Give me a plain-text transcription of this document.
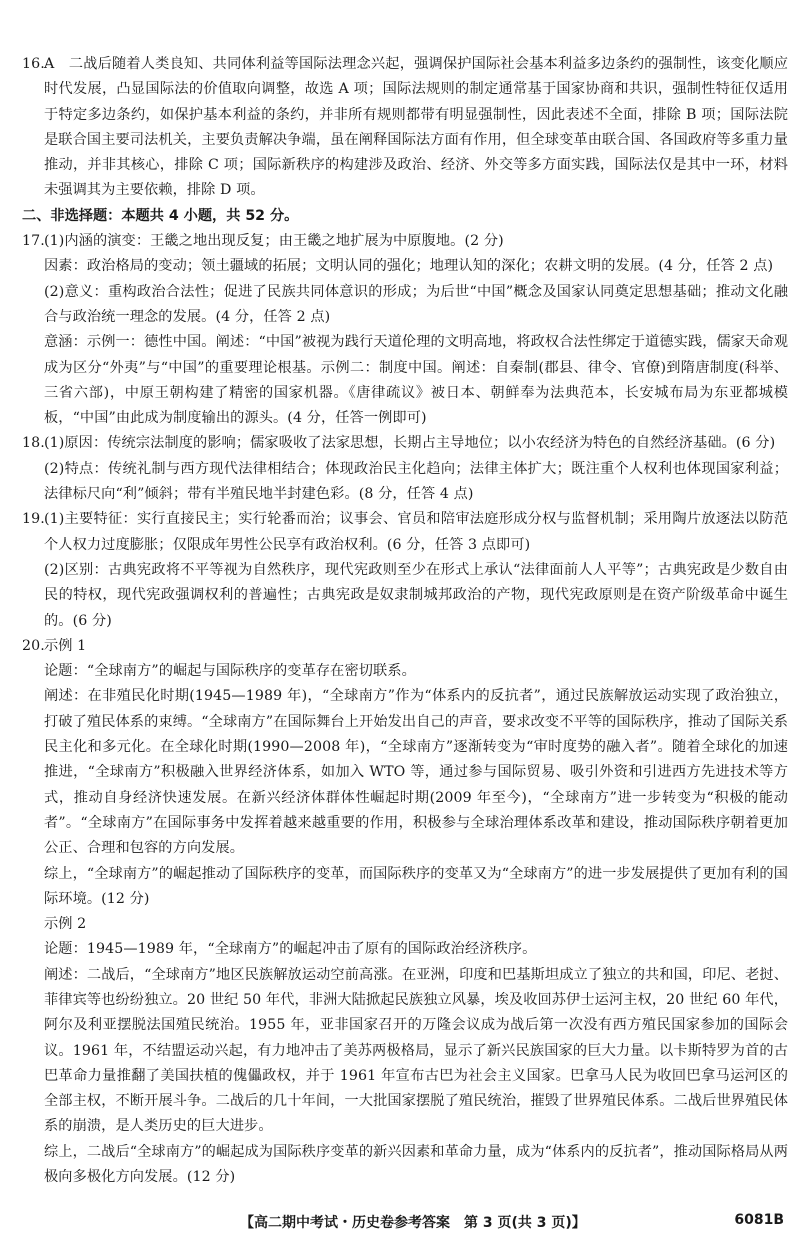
16.A　二战后随着人类良知、共同体利益等国际法理念兴起，强调保护国际社会基本利益多边条约的强制性，该变化顺应时代发展，凸显国际法的价值取向调整，故选 A 项；国际法规则的制定通常基于国家协商和共识，强制性特征仅适用于特定多边条约，如保护基本利益的条约，并非所有规则都带有明显强制性，因此表述不全面，排除 B 项；国际法院是联合国主要司法机关，主要负责解决争端，虽在阐释国际法方面有作用，但全球变革由联合国、各国政府等多重力量推动，并非其核心，排除 C 项；国际新秩序的构建涉及政治、经济、外交等多方面实践，国际法仅是其中一环，材料未强调其为主要依赖，排除 D 项。
二、非选择题：本题共 4 小题，共 52 分。
17.(1)内涵的演变：王畿之地出现反复；由王畿之地扩展为中原腹地。(2 分)
因素：政治格局的变动；领土疆域的拓展；文明认同的强化；地理认知的深化；农耕文明的发展。(4 分，任答 2 点)
(2)意义：重构政治合法性；促进了民族共同体意识的形成；为后世“中国”概念及国家认同奠定思想基础；推动文化融合与政治统一理念的发展。(4 分，任答 2 点)
意涵：示例一：德性中国。阐述：“中国”被视为践行天道伦理的文明高地，将政权合法性绑定于道德实践，儒家天命观成为区分“外夷”与“中国”的重要理论根基。示例二：制度中国。阐述：自秦制(郡县、律令、官僚)到隋唐制度(科举、三省六部)，中原王朝构建了精密的国家机器。《唐律疏议》被日本、朝鲜奉为法典范本，长安城布局为东亚都城模板，“中国”由此成为制度输出的源头。(4 分，任答一例即可)
18.(1)原因：传统宗法制度的影响；儒家吸收了法家思想，长期占主导地位；以小农经济为特色的自然经济基础。(6 分)
(2)特点：传统礼制与西方现代法律相结合；体现政治民主化趋向；法律主体扩大；既注重个人权利也体现国家利益；法律标尺向“利”倾斜；带有半殖民地半封建色彩。(8 分，任答 4 点)
19.(1)主要特征：实行直接民主；实行轮番而治；议事会、官员和陪审法庭形成分权与监督机制；采用陶片放逐法以防范个人权力过度膨胀；仅限成年男性公民享有政治权利。(6 分，任答 3 点即可)
(2)区别：古典宪政将不平等视为自然秩序，现代宪政则至少在形式上承认“法律面前人人平等”；古典宪政是少数自由民的特权，现代宪政强调权利的普遍性；古典宪政是奴隶制城邦政治的产物，现代宪政原则是在资产阶级革命中诞生的。(6 分)
20.示例 1
论题：“全球南方”的崛起与国际秩序的变革存在密切联系。
阐述：在非殖民化时期(1945—1989 年)，“全球南方”作为“体系内的反抗者”，通过民族解放运动实现了政治独立，打破了殖民体系的束缚。“全球南方”在国际舞台上开始发出自己的声音，要求改变不平等的国际秩序，推动了国际关系民主化和多元化。在全球化时期(1990—2008 年)，“全球南方”逐渐转变为“审时度势的融入者”。随着全球化的加速推进，“全球南方”积极融入世界经济体系，如加入 WTO 等，通过参与国际贸易、吸引外资和引进西方先进技术等方式，推动自身经济快速发展。在新兴经济体群体性崛起时期(2009 年至今)，“全球南方”进一步转变为“积极的能动者”。“全球南方”在国际事务中发挥着越来越重要的作用，积极参与全球治理体系改革和建设，推动国际秩序朝着更加公正、合理和包容的方向发展。
综上，“全球南方”的崛起推动了国际秩序的变革，而国际秩序的变革又为“全球南方”的进一步发展提供了更加有利的国际环境。(12 分)
示例 2
论题：1945—1989 年，“全球南方”的崛起冲击了原有的国际政治经济秩序。
阐述：二战后，“全球南方”地区民族解放运动空前高涨。在亚洲，印度和巴基斯坦成立了独立的共和国，印尼、老挝、菲律宾等也纷纷独立。20 世纪 50 年代，非洲大陆掀起民族独立风暴，埃及收回苏伊士运河主权，20 世纪 60 年代，阿尔及利亚摆脱法国殖民统治。1955 年，亚非国家召开的万隆会议成为战后第一次没有西方殖民国家参加的国际会议。1961 年，不结盟运动兴起，有力地冲击了美苏两极格局，显示了新兴民族国家的巨大力量。以卡斯特罗为首的古巴革命力量推翻了美国扶植的傀儡政权，并于 1961 年宣布古巴为社会主义国家。巴拿马人民为收回巴拿马运河区的全部主权，不断开展斗争。二战后的几十年间，一大批国家摆脱了殖民统治，摧毁了世界殖民体系。二战后世界殖民体系的崩溃，是人类历史的巨大进步。
综上，二战后“全球南方”的崛起成为国际秩序变革的新兴因素和革命力量，成为“体系内的反抗者”，推动国际格局从两极向多极化方向发展。(12 分)
【高二期中考试・历史卷参考答案　第 3 页(共 3 页)】	6081B
